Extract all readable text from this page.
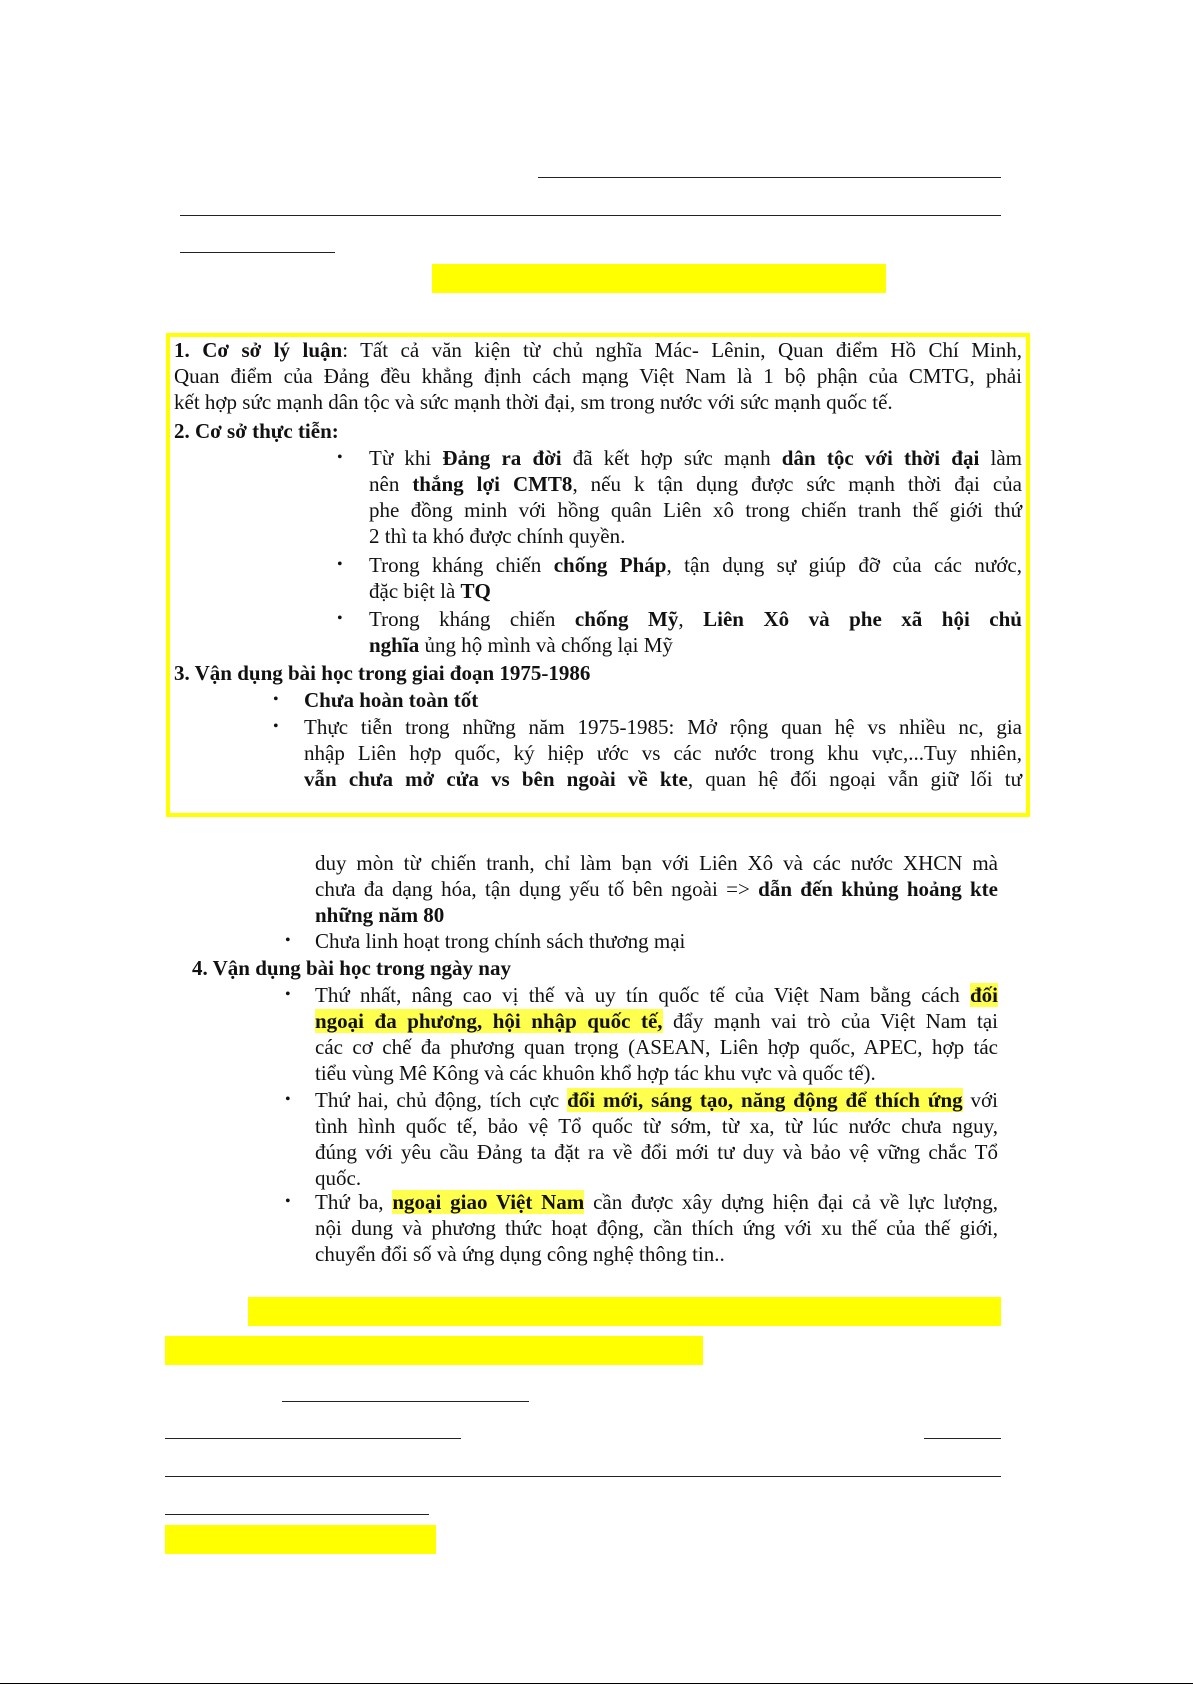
1. Cơ sở lý luận: Tất cả văn kiện từ chủ nghĩa Mác- Lênin, Quan điểm Hồ Chí Minh,

Quan điểm của Đảng đều khẳng định cách mạng Việt Nam là 1 bộ phận của CMTG, phải

kết hợp sức mạnh dân tộc và sức mạnh thời đại, sm trong nước với sức mạnh quốc tế.

2. Cơ sở thực tiễn:

• Từ khi Đảng ra đời đã kết hợp sức mạnh dân tộc với thời đại làm

nên thắng lợi CMT8, nếu k tận dụng được sức mạnh thời đại của

phe đồng minh với hồng quân Liên xô trong chiến tranh thế giới thứ

2 thì ta khó được chính quyền.

• Trong kháng chiến chống Pháp, tận dụng sự giúp đỡ của các nước,

đặc biệt là TQ

• Trong kháng chiến chống Mỹ, Liên Xô và phe xã hội chủ

nghĩa ủng hộ mình và chống lại Mỹ

3. Vận dụng bài học trong giai đoạn 1975-1986

• Chưa hoàn toàn tốt

• Thực tiễn trong những năm 1975-1985: Mở rộng quan hệ vs nhiều nc, gia

nhập Liên hợp quốc, ký hiệp ước vs các nước trong khu vực,...Tuy nhiên,

vẫn chưa mở cửa vs bên ngoài về kte, quan hệ đối ngoại vẫn giữ lối tư

duy mòn từ chiến tranh, chỉ làm bạn với Liên Xô và các nước XHCN mà

chưa đa dạng hóa, tận dụng yếu tố bên ngoài => dẫn đến khủng hoảng kte

những năm 80

• Chưa linh hoạt trong chính sách thương mại

4. Vận dụng bài học trong ngày nay

• Thứ nhất, nâng cao vị thế và uy tín quốc tế của Việt Nam bằng cách đối

ngoại đa phương, hội nhập quốc tế, đẩy mạnh vai trò của Việt Nam tại

các cơ chế đa phương quan trọng (ASEAN, Liên hợp quốc, APEC, hợp tác

tiểu vùng Mê Kông và các khuôn khổ hợp tác khu vực và quốc tế).

• Thứ hai, chủ động, tích cực đổi mới, sáng tạo, năng động để thích ứng với

tình hình quốc tế, bảo vệ Tổ quốc từ sớm, từ xa, từ lúc nước chưa nguy,

đúng với yêu cầu Đảng ta đặt ra về đổi mới tư duy và bảo vệ vững chắc Tổ

quốc.

• Thứ ba, ngoại giao Việt Nam cần được xây dựng hiện đại cả về lực lượng,

nội dung và phương thức hoạt động, cần thích ứng với xu thế của thế giới,

chuyển đổi số và ứng dụng công nghệ thông tin..
